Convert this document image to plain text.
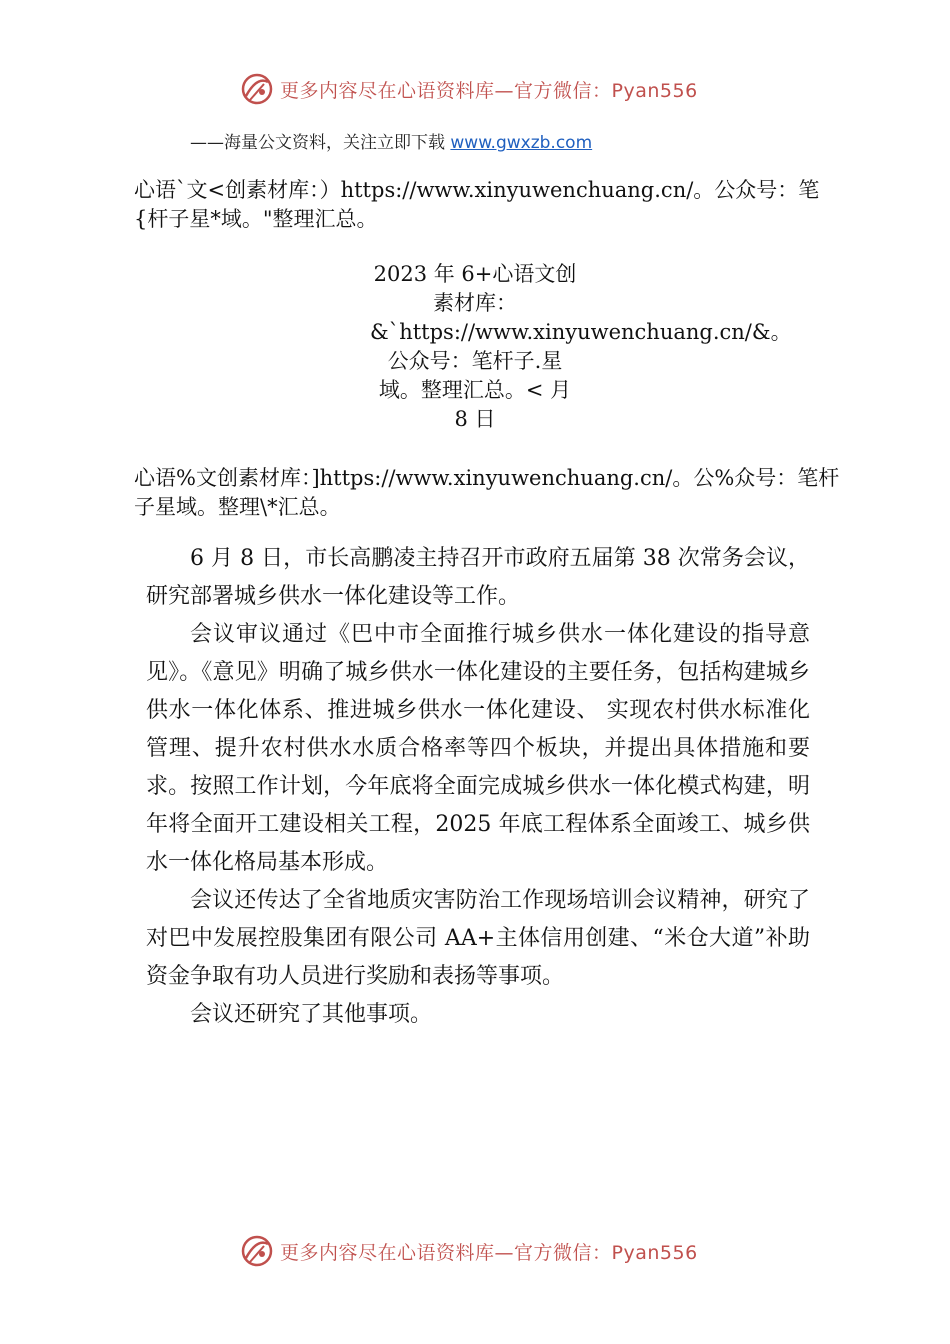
更多内容尽在心语资料库—官方微信：Pyan556
——海量公文资料，关注立即下载 www.gwxzb.com
心语`文<创素材库：）https://www.xinyuwenchuang.cn/。公众号：笔{杆子星*域。"整理汇总。
2023 年 6+心语文创素材库：&`https://www.xinyuwenchuang.cn/&。公众号：笔杆子.星域。整理汇总。< 月 8 日
心语%文创素材库：]https://www.xinyuwenchuang.cn/。公%众号：笔杆子星域。整理\*汇总。

6 月 8 日，市长高鹏凌主持召开市政府五届第 38 次常务会议，研究部署城乡供水一体化建设等工作。

会议审议通过《巴中市全面推行城乡供水一体化建设的指导意见》。《意见》明确了城乡供水一体化建设的主要任务，包括构建城乡供水一体化体系、推进城乡供水一体化建设、 实现农村供水标准化管理、提升农村供水水质合格率等四个板块，并提出具体措施和要求。按照工作计划，今年底将全面完成城乡供水一体化模式构建，明年将全面开工建设相关工程，2025 年底工程体系全面竣工、城乡供水一体化格局基本形成。

会议还传达了全省地质灾害防治工作现场培训会议精神，研究了对巴中发展控股集团有限公司 AA+主体信用创建、“米仓大道”补助资金争取有功人员进行奖励和表扬等事项。

会议还研究了其他事项。

更多内容尽在心语资料库—官方微信：Pyan556
